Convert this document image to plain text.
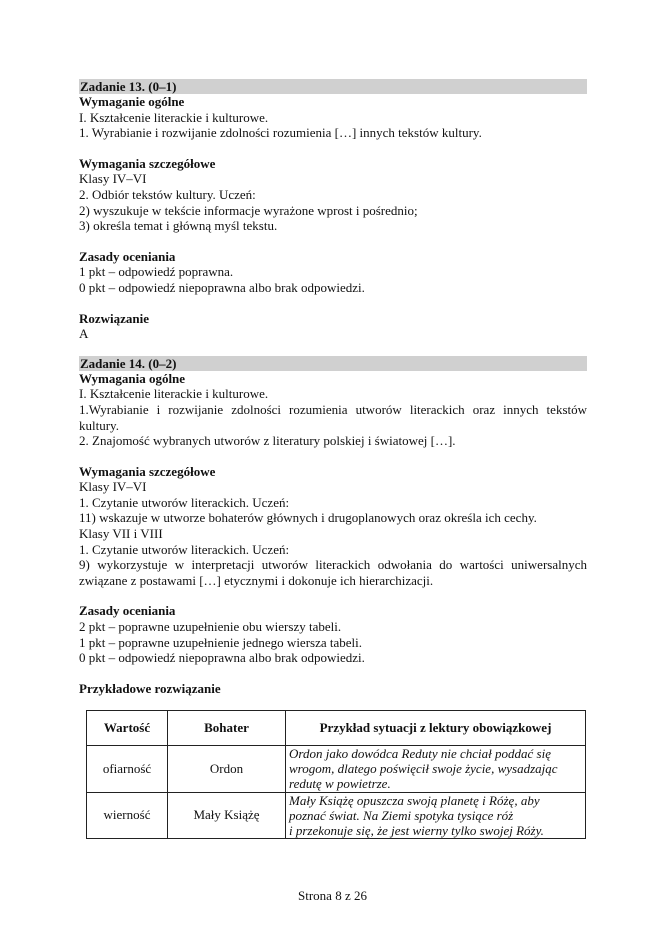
Zadanie 13. (0–1)
Wymaganie ogólne
I. Kształcenie literackie i kulturowe.
1. Wyrabianie i rozwijanie zdolności rozumienia […] innych tekstów kultury.
Wymagania szczegółowe
Klasy IV–VI
2. Odbiór tekstów kultury. Uczeń:
2) wyszukuje w tekście informacje wyrażone wprost i pośrednio;
3) określa temat i główną myśl tekstu.
Zasady oceniania
1 pkt – odpowiedź poprawna.
0 pkt – odpowiedź niepoprawna albo brak odpowiedzi.
Rozwiązanie
A
Zadanie 14. (0–2)
Wymagania ogólne
I. Kształcenie literackie i kulturowe.
1.Wyrabianie i rozwijanie zdolności rozumienia utworów literackich oraz innych tekstów
kultury.
2. Znajomość wybranych utworów z literatury polskiej i światowej […].
Wymagania szczegółowe
Klasy IV–VI
1. Czytanie utworów literackich. Uczeń:
11) wskazuje w utworze bohaterów głównych i drugoplanowych oraz określa ich cechy.
Klasy VII i VIII
1. Czytanie utworów literackich. Uczeń:
9) wykorzystuje w interpretacji utworów literackich odwołania do wartości uniwersalnych
związane z postawami […] etycznymi i dokonuje ich hierarchizacji.
Zasady oceniania
2 pkt – poprawne uzupełnienie obu wierszy tabeli.
1 pkt – poprawne uzupełnienie jednego wiersza tabeli.
0 pkt – odpowiedź niepoprawna albo brak odpowiedzi.
Przykładowe rozwiązanie
Wartość	Bohater	Przykład sytuacji z lektury obowiązkowej
ofiarność	Ordon	Ordon jako dowódca Reduty nie chciał poddać się
wrogom, dlatego poświęcił swoje życie, wysadzając
redutę w powietrze.

wierność	Mały Książę	Mały Książę opuszcza swoją planetę i Różę, aby
poznać świat. Na Ziemi spotyka tysiące róż
i przekonuje się, że jest wierny tylko swojej Róży.
Strona 8 z 26
